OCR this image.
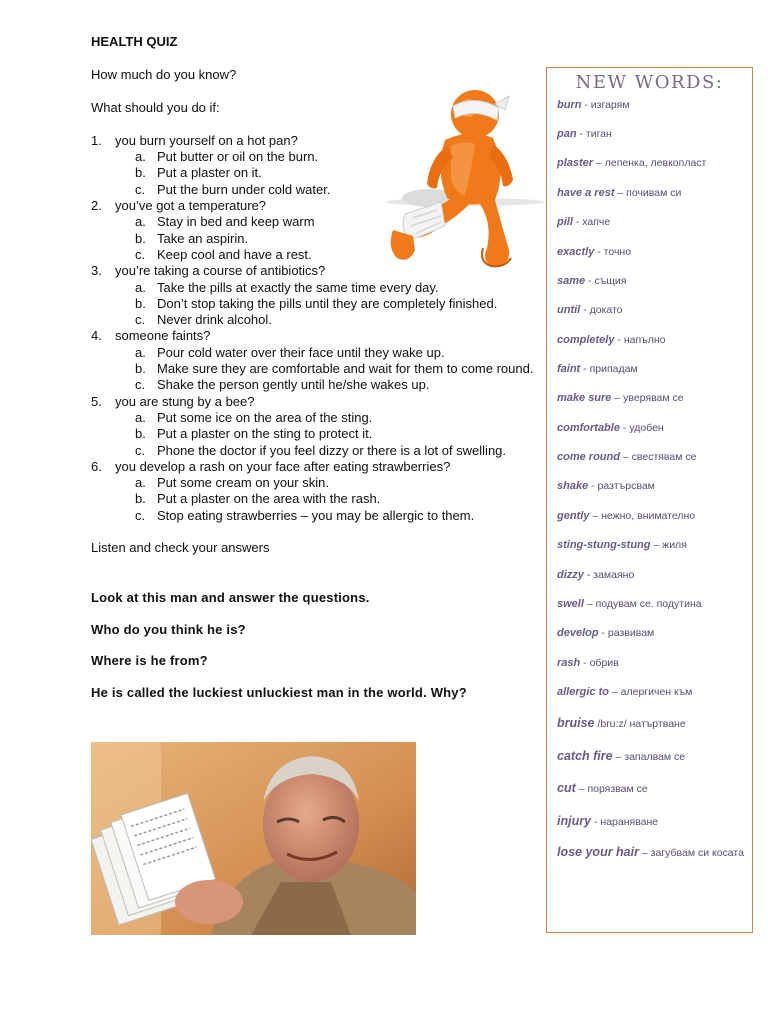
HEALTH QUIZ

How much do you know?

What should you do if:

1. you burn yourself on a hot pan?
a. Put butter or oil on the burn.
b. Put a plaster on it.
c. Put the burn under cold water.
2. you’ve got a temperature?
a. Stay in bed and keep warm
b. Take an aspirin.
c. Keep cool and have a rest.
3. you’re taking a course of antibiotics?
a. Take the pills at exactly the same time every day.
b. Don’t stop taking the pills until they are completely finished.
c. Never drink alcohol.
4. someone faints?
a. Pour cold water over their face until they wake up.
b. Make sure they are comfortable and wait for them to come round.
c. Shake the person gently until he/she wakes up.
5. you are stung by a bee?
a. Put some ice on the area of the sting.
b. Put a plaster on the sting to protect it.
c. Phone the doctor if you feel dizzy or there is a lot of swelling.
6. you develop a rash on your face after eating strawberries?
a. Put some cream on your skin.
b. Put a plaster on the area with the rash.
c. Stop eating strawberries – you may be allergic to them.

Listen and check your answers

Look at this man and answer the questions.

Who do you think he is?

Where is he from?

He is called the luckiest unluckiest man in the world. Why?

NEW WORDS:
burn - изгарям
pan - тиган
plaster – лепенка, левкопласт
have a rest – почивам си
pill - хапче
exactly - точно
same - същия
until - докато
completely - напълно
faint - припадам
make sure – уверявам се
comfortable - удобен
come round – свестявам се
shake - разтърсвам
gently – нежно, внимателно
sting-stung-stung – жиля
dizzy - замаяно
swell – подувам се. подутина
develop - развивам
rash - обрив
allergic to – алергичен към
bruise /bru:z/ натъртване
catch fire – запалвам се
cut – порязвам се
injury - нараняване
lose your hair – загубвам си косата
